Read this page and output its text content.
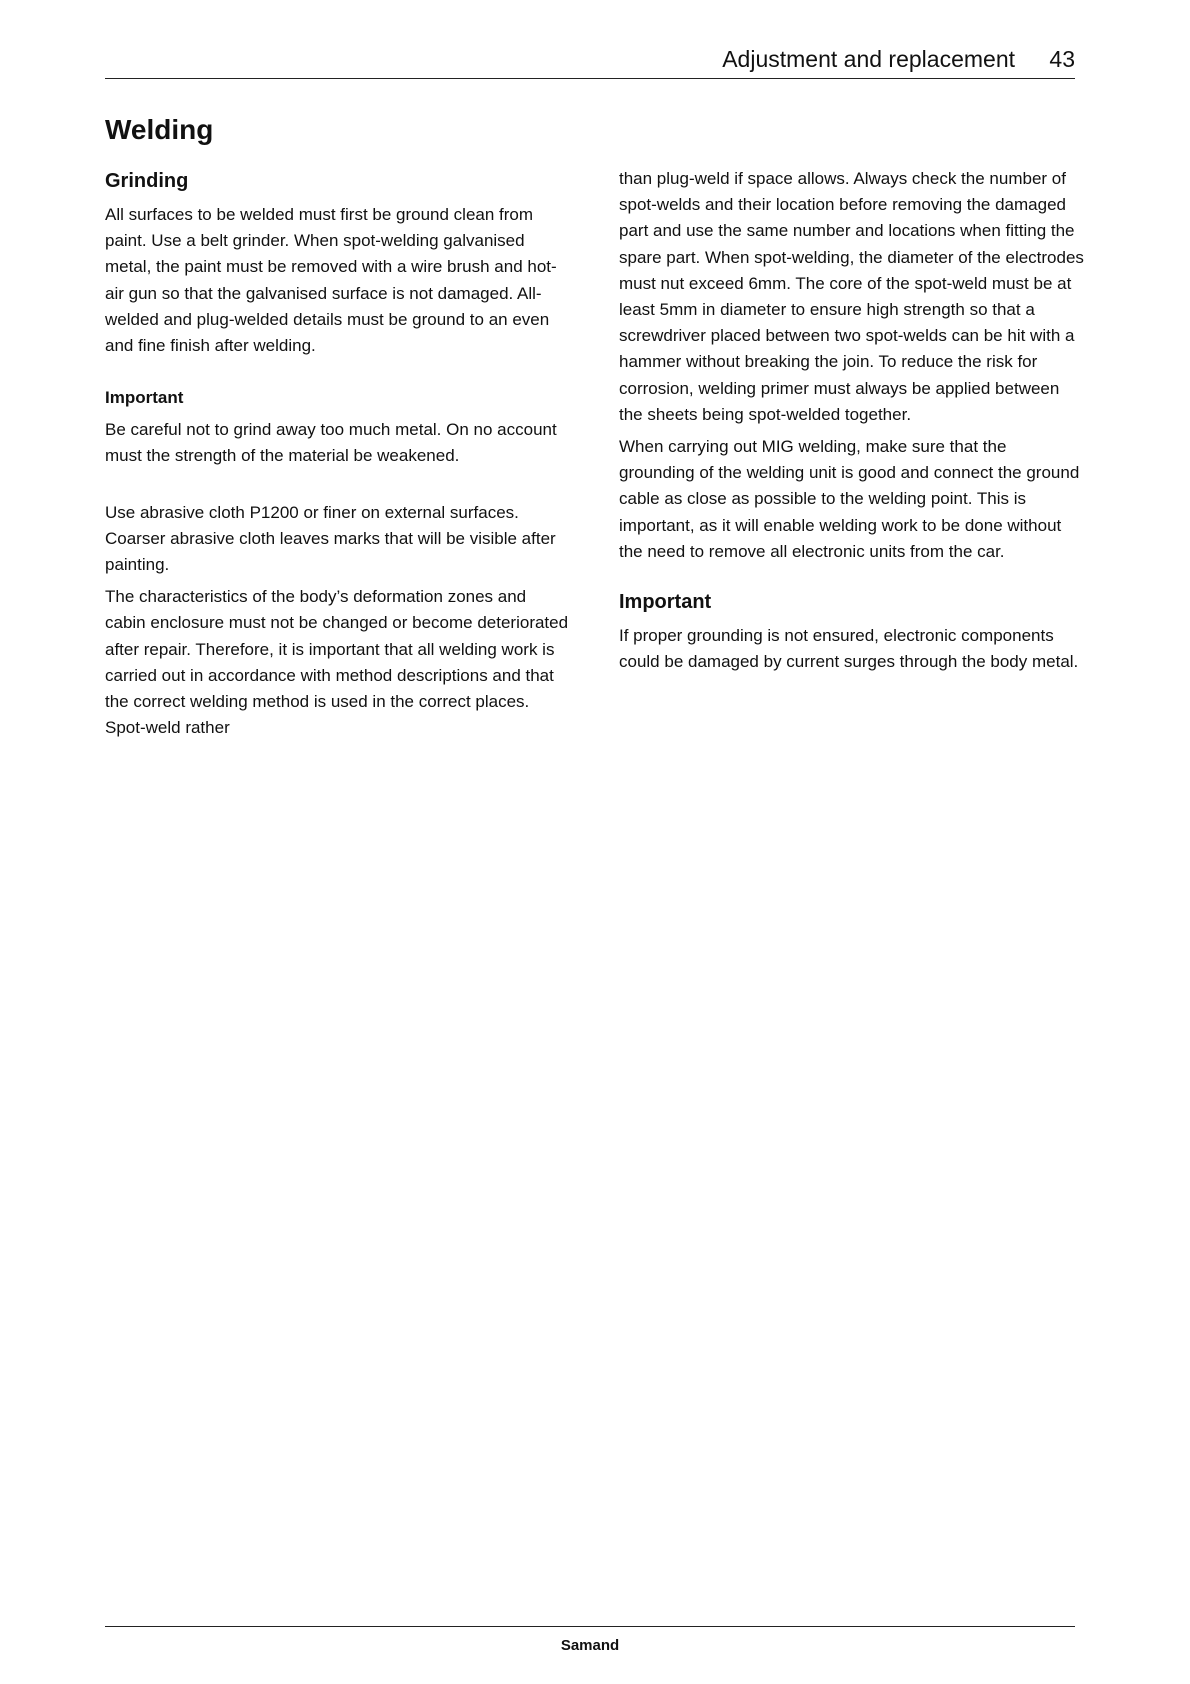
Adjustment and replacement 43
Welding
Grinding

All surfaces to be welded must first be ground clean from paint. Use a belt grinder. When spot-welding galvanised metal, the paint must be removed with a wire brush and hot-air gun so that the galvanised surface is not damaged. All-welded and plug-welded details must be ground to an even and fine finish after welding.

Important

Be careful not to grind away too much metal. On no account must the strength of the material be weakened.

Use abrasive cloth P1200 or finer on external surfaces. Coarser abrasive cloth leaves marks that will be visible after painting.

The characteristics of the body’s deformation zones and cabin enclosure must not be changed or become deteriorated after repair. Therefore, it is important that all welding work is carried out in accordance with method descriptions and that the correct welding method is used in the correct places. Spot-weld rather

than plug-weld if space allows. Always check the number of spot-welds and their location before removing the damaged part and use the same number and locations when fitting the spare part. When spot-welding, the diameter of the electrodes must nut exceed 6mm. The core of the spot-weld must be at least 5mm in diameter to ensure high strength so that a screwdriver placed between two spot-welds can be hit with a hammer without breaking the join. To reduce the risk for corrosion, welding primer must always be applied between the sheets being spot-welded together.

When carrying out MIG welding, make sure that the grounding of the welding unit is good and connect the ground cable as close as possible to the welding point. This is important, as it will enable welding work to be done without the need to remove all electronic units from the car.

Important

If proper grounding is not ensured, electronic components could be damaged by current surges through the body metal.

Samand
